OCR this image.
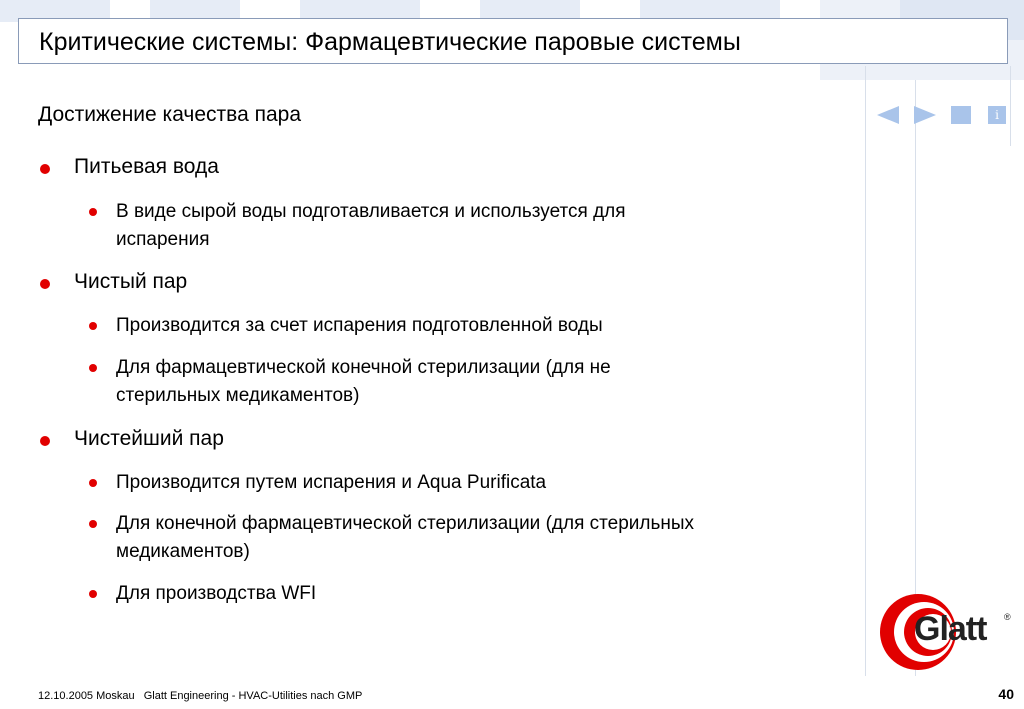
Критические системы: Фармацевтические паровые системы
Достижение качества пара
Питьевая вода
В виде сырой воды подготавливается и используется для
испарения
Чистый пар
Производится за счет испарения подготовленной воды
Для фармацевтической конечной стерилизации (для не
стерильных медикаментов)
Чистейший пар
Производится путем испарения и Aqua Purificata
Для конечной фармацевтической стерилизации (для стерильных
медикаментов)
Для производства WFI
i
Glatt ®
12.10.2005 Moskau Glatt Engineering - HVAC-Utilities nach GMP	40
